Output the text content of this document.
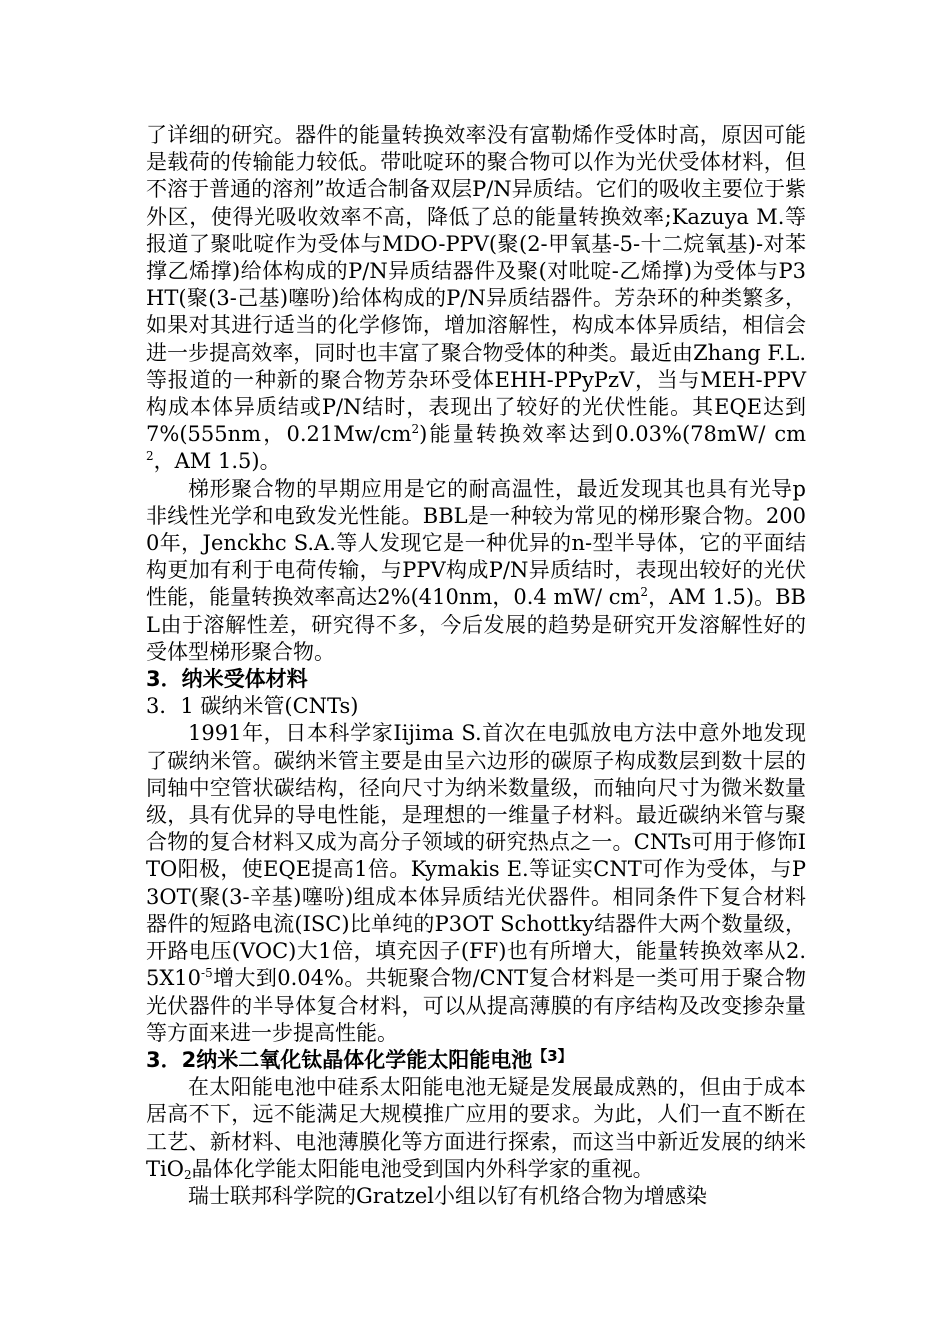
了详细的研究。器件的能量转换效率没有富勒烯作受体时高，原因可能是载荷的传输能力较低。带吡啶环的聚合物可以作为光伏受体材料，但不溶于普通的溶剂”故适合制备双层P/N异质结。它们的吸收主要位于紫外区，使得光吸收效率不高，降低了总的能量转换效率;Kazuya M.等报道了聚吡啶作为受体与MDO-PPV(聚(2-甲氧基-5-十二烷氧基)-对苯撑乙烯撑)给体构成的P/N异质结器件及聚(对吡啶-乙烯撑)为受体与P3HT(聚(3-己基)噻吩)给体构成的P/N异质结器件。芳杂环的种类繁多，如果对其进行适当的化学修饰，增加溶解性，构成本体异质结，相信会进一步提高效率，同时也丰富了聚合物受体的种类。最近由Zhang F.L.等报道的一种新的聚合物芳杂环受体EHH-PPyPzV，当与MEH-PPV构成本体异质结或P/N结时，表现出了较好的光伏性能。其EQE达到7%(555nm，$0.21Mw/cm^2$)能量转换效率达到0.03%(78mW/ $cm^2$，AM 1.5)。

梯形聚合物的早期应用是它的耐高温性，最近发现其也具有光导p非线性光学和电致发光性能。BBL是一种较为常见的梯形聚合物。2000年，Jenckhc S.A.等人发现它是一种优异的n-型半导体，它的平面结构更加有利于电荷传输，与PPV构成P/N异质结时，表现出较好的光伏性能，能量转换效率高达2%(410nm，0.4 mW/ $cm^2$，AM 1.5)。BBL由于溶解性差，研究得不多，今后发展的趋势是研究开发溶解性好的受体型梯形聚合物。

3．纳米受体材料

3．1 碳纳米管(CNTs)

1991年，日本科学家Iijima S.首次在电弧放电方法中意外地发现了碳纳米管。碳纳米管主要是由呈六边形的碳原子构成数层到数十层的同轴中空管状碳结构，径向尺寸为纳米数量级，而轴向尺寸为微米数量级，具有优异的导电性能，是理想的一维量子材料。最近碳纳米管与聚合物的复合材料又成为高分子领域的研究热点之一。CNTs可用于修饰ITO阳极，使EQE提高1倍。Kymakis E.等证实CNT可作为受体，与P3OT(聚(3-辛基)噻吩)组成本体异质结光伏器件。相同条件下复合材料器件的短路电流(ISC)比单纯的P3OT Schottky结器件大两个数量级，开路电压(VOC)大1倍，填充因子(FF)也有所增大，能量转换效率从$2.5X10^{-5}$增大到0.04%。共轭聚合物/CNT复合材料是一类可用于聚合物光伏器件的半导体复合材料，可以从提高薄膜的有序结构及改变掺杂量等方面来进一步提高性能。

3．2纳米二氧化钛晶体化学能太阳能电池$^{【3】}$

在太阳能电池中硅系太阳能电池无疑是发展最成熟的，但由于成本居高不下，远不能满足大规模推广应用的要求。为此，人们一直不断在工艺、新材料、电池薄膜化等方面进行探索，而这当中新近发展的纳米TiO$_2$晶体化学能太阳能电池受到国内外科学家的重视。

瑞士联邦科学院的Gratzel小组以钌有机络合物为增感染
